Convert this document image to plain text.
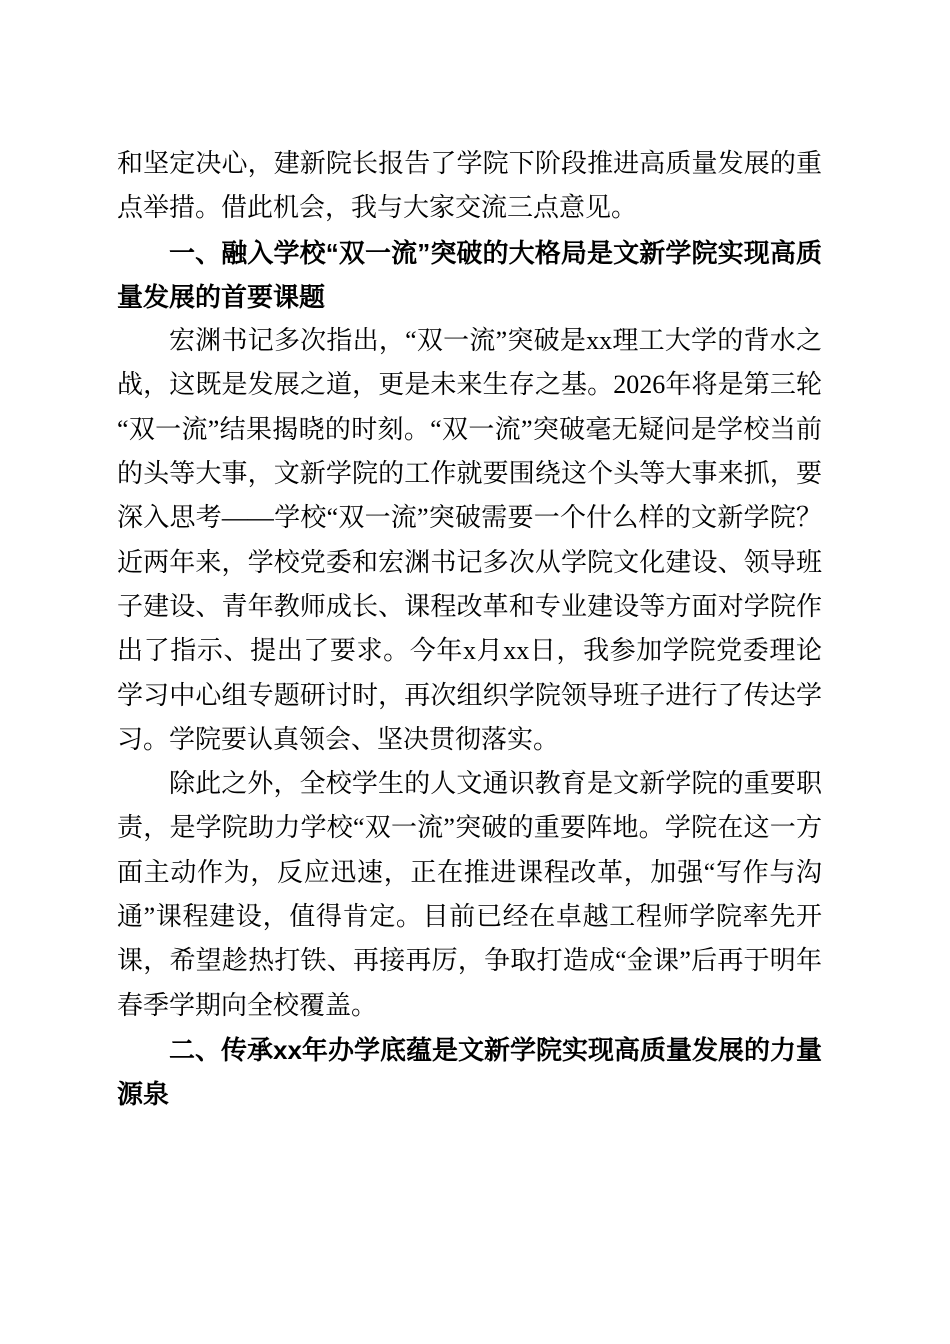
和坚定决心，建新院长报告了学院下阶段推进高质量发展的重点举措。借此机会，我与大家交流三点意见。

一、融入学校“双一流”突破的大格局是文新学院实现高质量发展的首要课题

宏渊书记多次指出，“双一流”突破是xx理工大学的背水之战，这既是发展之道，更是未来生存之基。2026年将是第三轮“双一流”结果揭晓的时刻。“双一流”突破毫无疑问是学校当前的头等大事，文新学院的工作就要围绕这个头等大事来抓，要深入思考——学校“双一流”突破需要一个什么样的文新学院？近两年来，学校党委和宏渊书记多次从学院文化建设、领导班子建设、青年教师成长、课程改革和专业建设等方面对学院作出了指示、提出了要求。今年x月xx日，我参加学院党委理论学习中心组专题研讨时，再次组织学院领导班子进行了传达学习。学院要认真领会、坚决贯彻落实。

除此之外，全校学生的人文通识教育是文新学院的重要职责，是学院助力学校“双一流”突破的重要阵地。学院在这一方面主动作为，反应迅速，正在推进课程改革，加强“写作与沟通”课程建设，值得肯定。目前已经在卓越工程师学院率先开课，希望趁热打铁、再接再厉，争取打造成“金课”后再于明年春季学期向全校覆盖。

二、传承xx年办学底蕴是文新学院实现高质量发展的力量源泉
